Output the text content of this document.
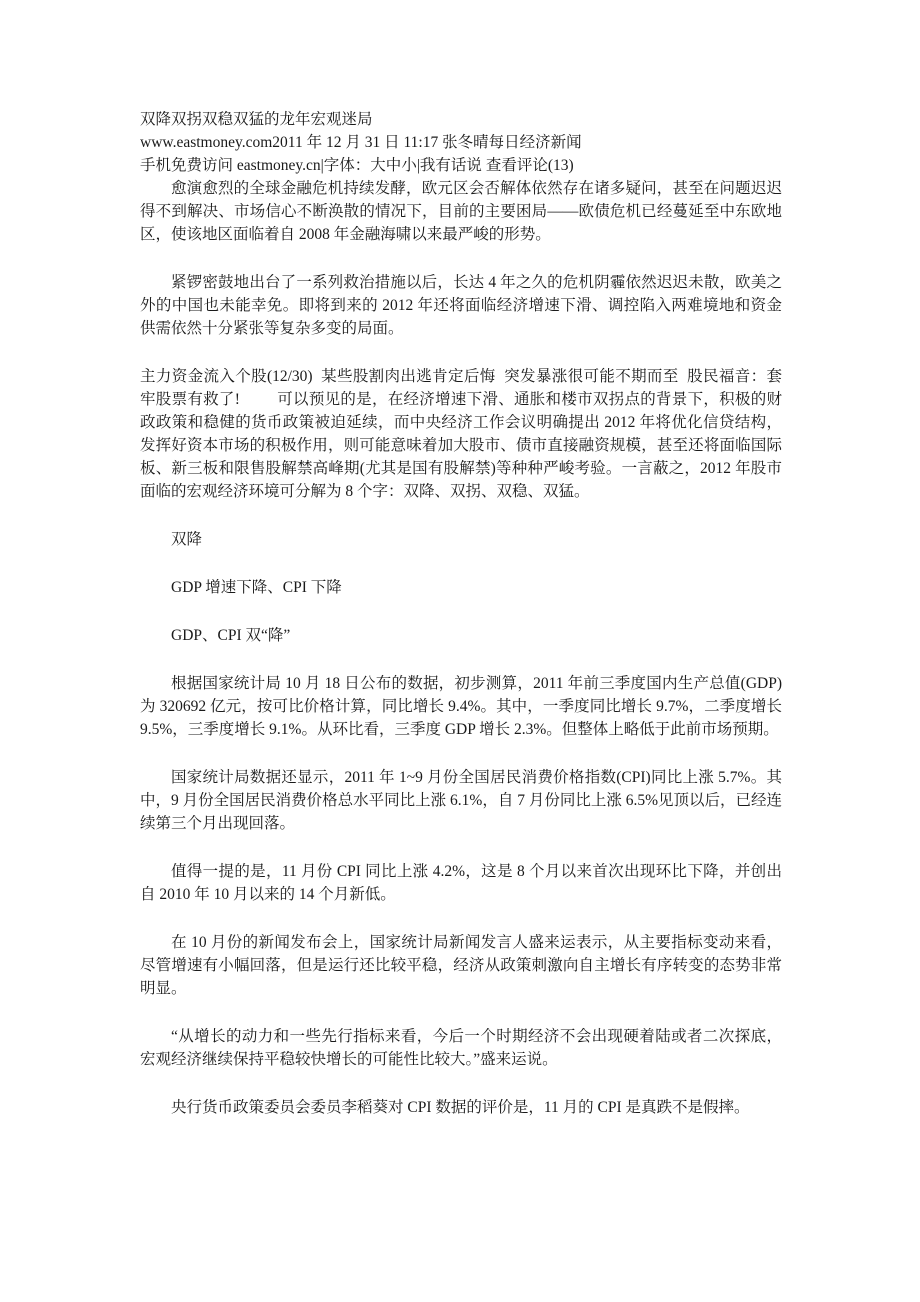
双降双拐双稳双猛的龙年宏观迷局
www.eastmoney.com2011 年 12 月 31 日 11:17 张冬晴每日经济新闻
手机免费访问 eastmoney.cn|字体：大中小|我有话说 查看评论(13)

愈演愈烈的全球金融危机持续发酵，欧元区会否解体依然存在诸多疑问，甚至在问题迟迟得不到解决、市场信心不断涣散的情况下，目前的主要困局——欧债危机已经蔓延至中东欧地区，使该地区面临着自 2008 年金融海啸以来最严峻的形势。

紧锣密鼓地出台了一系列救治措施以后，长达 4 年之久的危机阴霾依然迟迟未散，欧美之外的中国也未能幸免。即将到来的 2012 年还将面临经济增速下滑、调控陷入两难境地和资金供需依然十分紧张等复杂多变的局面。

主力资金流入个股(12/30) 某些股割肉出逃肯定后悔 突发暴涨很可能不期而至 股民福音：套牢股票有救了! 可以预见的是，在经济增速下滑、通胀和楼市双拐点的背景下，积极的财政政策和稳健的货币政策被迫延续，而中央经济工作会议明确提出 2012 年将优化信贷结构，发挥好资本市场的积极作用，则可能意味着加大股市、债市直接融资规模，甚至还将面临国际板、新三板和限售股解禁高峰期(尤其是国有股解禁)等种种严峻考验。一言蔽之，2012 年股市面临的宏观经济环境可分解为 8 个字：双降、双拐、双稳、双猛。

双降

GDP 增速下降、CPI 下降

GDP、CPI 双“降”

根据国家统计局 10 月 18 日公布的数据，初步测算，2011 年前三季度国内生产总值(GDP)为 320692 亿元，按可比价格计算，同比增长 9.4%。其中，一季度同比增长 9.7%，二季度增长 9.5%，三季度增长 9.1%。从环比看，三季度 GDP 增长 2.3%。但整体上略低于此前市场预期。

国家统计局数据还显示，2011 年 1~9 月份全国居民消费价格指数(CPI)同比上涨 5.7%。其中，9 月份全国居民消费价格总水平同比上涨 6.1%，自 7 月份同比上涨 6.5%见顶以后，已经连续第三个月出现回落。

值得一提的是，11 月份 CPI 同比上涨 4.2%，这是 8 个月以来首次出现环比下降，并创出自 2010 年 10 月以来的 14 个月新低。

在 10 月份的新闻发布会上，国家统计局新闻发言人盛来运表示，从主要指标变动来看，尽管增速有小幅回落，但是运行还比较平稳，经济从政策刺激向自主增长有序转变的态势非常明显。

“从增长的动力和一些先行指标来看，今后一个时期经济不会出现硬着陆或者二次探底，宏观经济继续保持平稳较快增长的可能性比较大。”盛来运说。

央行货币政策委员会委员李稻葵对 CPI 数据的评价是，11 月的 CPI 是真跌不是假摔。
